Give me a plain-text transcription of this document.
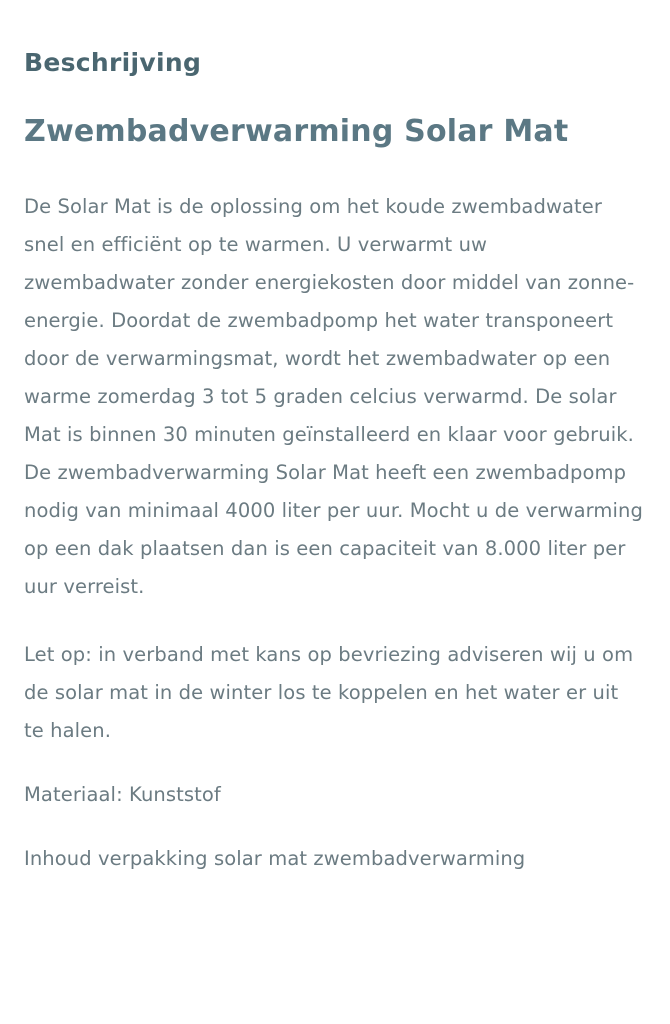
Beschrijving
Zwembadverwarming Solar Mat

De Solar Mat is de oplossing om het koude zwembadwater snel en efficiënt op te warmen. U verwarmt uw zwembadwater zonder energiekosten door middel van zonne-energie. Doordat de zwembadpomp het water transponeert door de verwarmingsmat, wordt het zwembadwater op een warme zomerdag 3 tot 5 graden celcius verwarmd. De solar Mat is binnen 30 minuten geïnstalleerd en klaar voor gebruik. De zwembadverwarming Solar Mat heeft een zwembadpomp nodig van minimaal 4000 liter per uur. Mocht u de verwarming op een dak plaatsen dan is een capaciteit van 8.000 liter per uur verreist.

Let op: in verband met kans op bevriezing adviseren wij u om de solar mat in de winter los te koppelen en het water er uit te halen.

Materiaal: Kunststof

Inhoud verpakking solar mat zwembadverwarming
